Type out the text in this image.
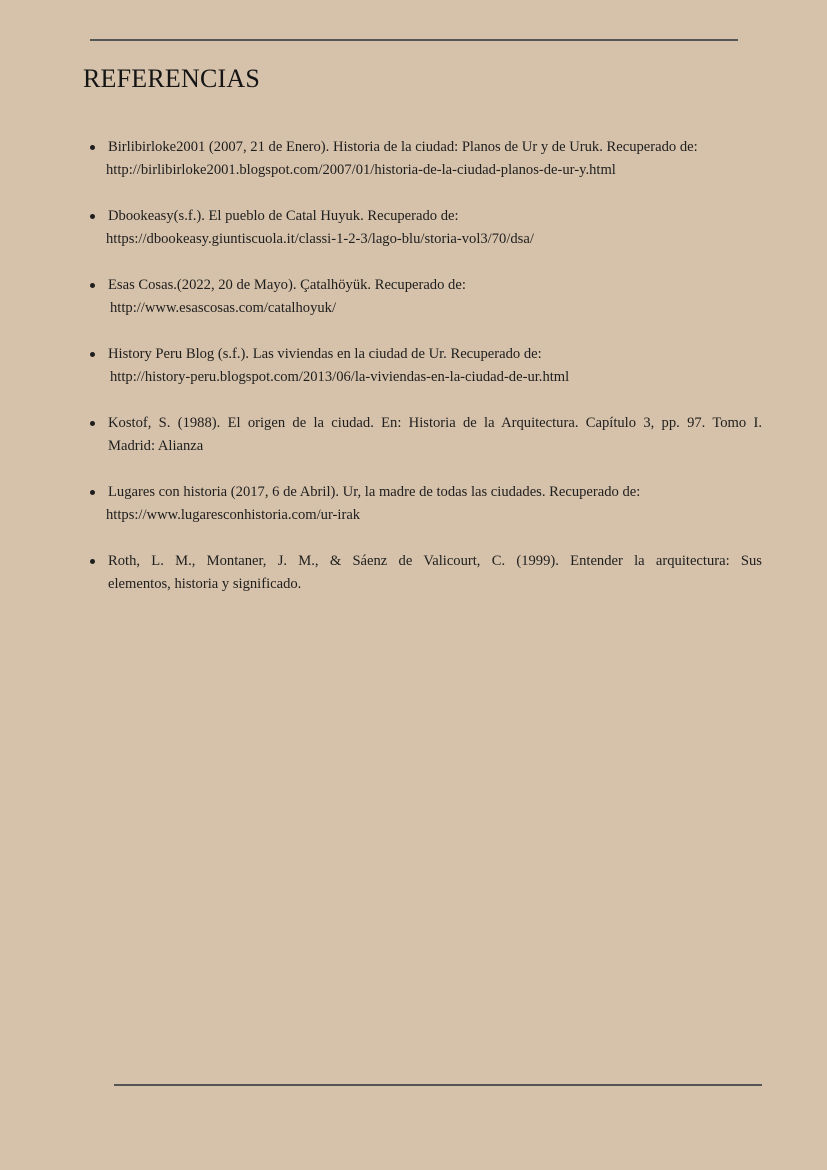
REFERENCIAS
Birlibirloke2001 (2007, 21 de Enero). Historia de la ciudad: Planos de Ur y de Uruk. Recuperado de:
http://birlibirloke2001.blogspot.com/2007/01/historia-de-la-ciudad-planos-de-ur-y.html
Dbookeasy(s.f.). El pueblo de Catal Huyuk. Recuperado de:
https://dbookeasy.giuntiscuola.it/classi-1-2-3/lago-blu/storia-vol3/70/dsa/
Esas Cosas.(2022, 20 de Mayo). Çatalhöyük. Recuperado de:
http://www.esascosas.com/catalhoyuk/
History Peru Blog (s.f.). Las viviendas en la ciudad de Ur. Recuperado de:
http://history-peru.blogspot.com/2013/06/la-viviendas-en-la-ciudad-de-ur.html
Kostof, S. (1988). El origen de la ciudad. En: Historia de la Arquitectura. Capítulo 3, pp. 97. Tomo I.
Madrid: Alianza
Lugares con historia (2017, 6 de Abril). Ur, la madre de todas las ciudades. Recuperado de:
https://www.lugaresconhistoria.com/ur-irak
Roth, L. M., Montaner, J. M., & Sáenz de Valicourt, C. (1999). Entender la arquitectura: Sus
elementos, historia y significado.
